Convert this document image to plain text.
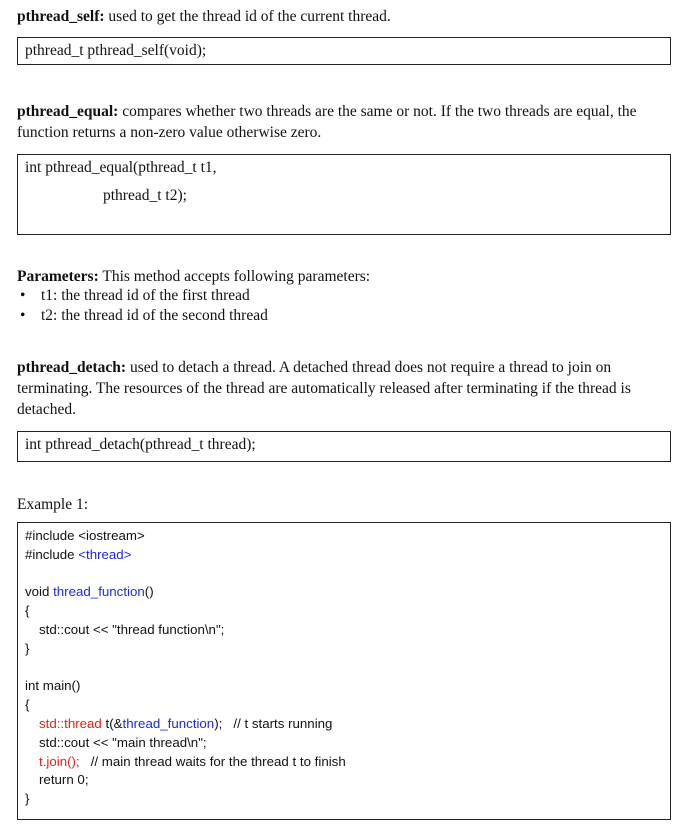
pthread_self: used to get the thread id of the current thread.

pthread_t pthread_self(void);

pthread_equal: compares whether two threads are the same or not. If the two threads are equal, the function returns a non-zero value otherwise zero.

int pthread_equal(pthread_t t1,
pthread_t t2);

Parameters: This method accepts following parameters:

• t1: the thread id of the first thread
• t2: the thread id of the second thread

pthread_detach: used to detach a thread. A detached thread does not require a thread to join on terminating. The resources of the thread are automatically released after terminating if the thread is detached.

int pthread_detach(pthread_t thread);

Example 1:

#include <iostream>
#include <thread>
void thread_function()
{
std::cout << "thread function\n";
}
int main()
{
std::thread t(&thread_function);   // t starts running
std::cout << "main thread\n";
t.join();   // main thread waits for the thread t to finish
return 0;
}
